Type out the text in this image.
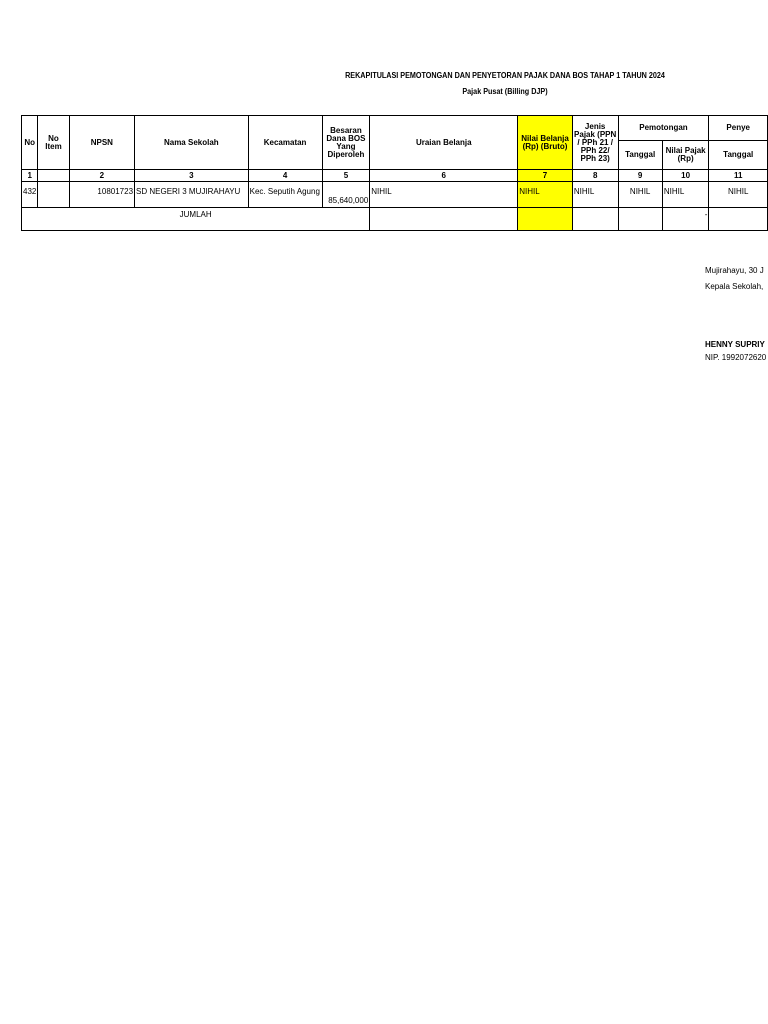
REKAPITULASI PEMOTONGAN DAN PENYETORAN PAJAK DANA BOS TAHAP 1 TAHUN 2024
Pajak Pusat (Billing DJP)
No	No Item	NPSN	Nama Sekolah	Kecamatan	Besaran Dana BOS Yang Diperoleh	Uraian Belanja	Nilai Belanja (Rp) (Bruto)	Jenis Pajak (PPN / PPh 21 / PPh 22/ PPh 23)	Pemotongan		Penye
									Tanggal	Nilai Pajak (Rp)	Tanggal
1		2	3	4	5	6	7	8	9	10	11
432		10801723	SD NEGERI 3 MUJIRAHAYU	Kec. Seputih Agung	85,640,000	NIHIL	NIHIL	NIHIL	NIHIL	NIHIL	NIHIL
JUMLAH										-	
Mujirahayu, 30 J
Kepala Sekolah,
HENNY SUPRIY
NIP. 1992072620
